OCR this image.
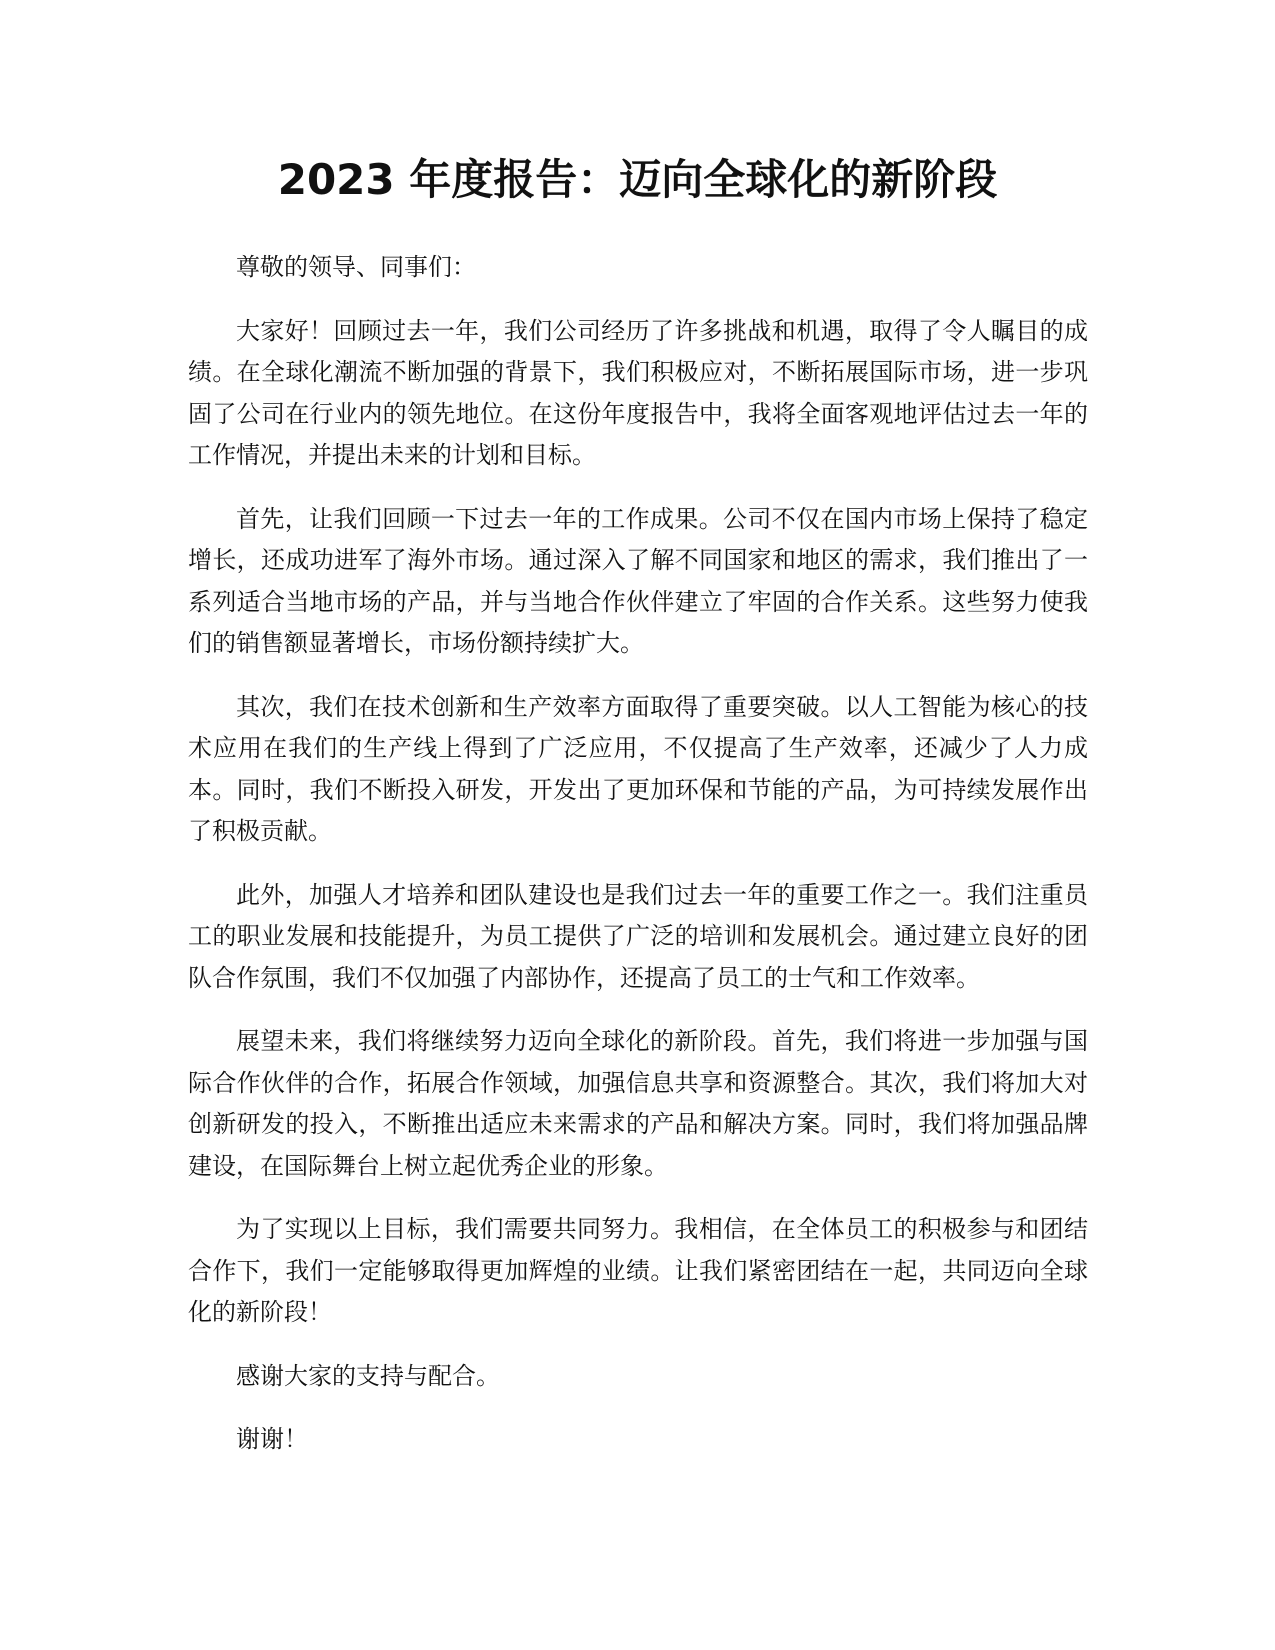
2023 年度报告：迈向全球化的新阶段

尊敬的领导、同事们：

大家好！回顾过去一年，我们公司经历了许多挑战和机遇，取得了令人瞩目的成绩。在全球化潮流不断加强的背景下，我们积极应对，不断拓展国际市场，进一步巩固了公司在行业内的领先地位。在这份年度报告中，我将全面客观地评估过去一年的工作情况，并提出未来的计划和目标。

首先，让我们回顾一下过去一年的工作成果。公司不仅在国内市场上保持了稳定增长，还成功进军了海外市场。通过深入了解不同国家和地区的需求，我们推出了一系列适合当地市场的产品，并与当地合作伙伴建立了牢固的合作关系。这些努力使我们的销售额显著增长，市场份额持续扩大。

其次，我们在技术创新和生产效率方面取得了重要突破。以人工智能为核心的技术应用在我们的生产线上得到了广泛应用，不仅提高了生产效率，还减少了人力成本。同时，我们不断投入研发，开发出了更加环保和节能的产品，为可持续发展作出了积极贡献。

此外，加强人才培养和团队建设也是我们过去一年的重要工作之一。我们注重员工的职业发展和技能提升，为员工提供了广泛的培训和发展机会。通过建立良好的团队合作氛围，我们不仅加强了内部协作，还提高了员工的士气和工作效率。

展望未来，我们将继续努力迈向全球化的新阶段。首先，我们将进一步加强与国际合作伙伴的合作，拓展合作领域，加强信息共享和资源整合。其次，我们将加大对创新研发的投入，不断推出适应未来需求的产品和解决方案。同时，我们将加强品牌建设，在国际舞台上树立起优秀企业的形象。

为了实现以上目标，我们需要共同努力。我相信，在全体员工的积极参与和团结合作下，我们一定能够取得更加辉煌的业绩。让我们紧密团结在一起，共同迈向全球化的新阶段！

感谢大家的支持与配合。

谢谢！
